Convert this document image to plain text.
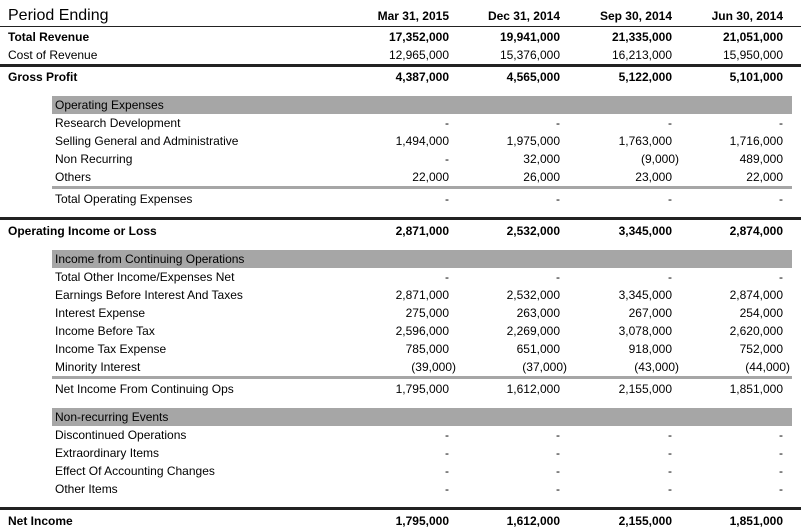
Period Ending	Mar 31, 2015	Dec 31, 2014	Sep 30, 2014	Jun 30, 2014
Total Revenue	17,352,000	19,941,000	21,335,000	21,051,000
Cost of Revenue	12,965,000	15,376,000	16,213,000	15,950,000
Gross Profit	4,387,000	4,565,000	5,122,000	5,101,000
Operating Expenses
Research Development	-	-	-	-
Selling General and Administrative	1,494,000	1,975,000	1,763,000	1,716,000
Non Recurring	-	32,000	(9,000)	489,000
Others	22,000	26,000	23,000	22,000
Total Operating Expenses	-	-	-	-
Operating Income or Loss	2,871,000	2,532,000	3,345,000	2,874,000
Income from Continuing Operations
Total Other Income/Expenses Net	-	-	-	-
Earnings Before Interest And Taxes	2,871,000	2,532,000	3,345,000	2,874,000
Interest Expense	275,000	263,000	267,000	254,000
Income Before Tax	2,596,000	2,269,000	3,078,000	2,620,000
Income Tax Expense	785,000	651,000	918,000	752,000
Minority Interest	(39,000)	(37,000)	(43,000)	(44,000)
Net Income From Continuing Ops	1,795,000	1,612,000	2,155,000	1,851,000
Non-recurring Events
Discontinued Operations	-	-	-	-
Extraordinary Items	-	-	-	-
Effect Of Accounting Changes	-	-	-	-
Other Items	-	-	-	-
Net Income	1,795,000	1,612,000	2,155,000	1,851,000
